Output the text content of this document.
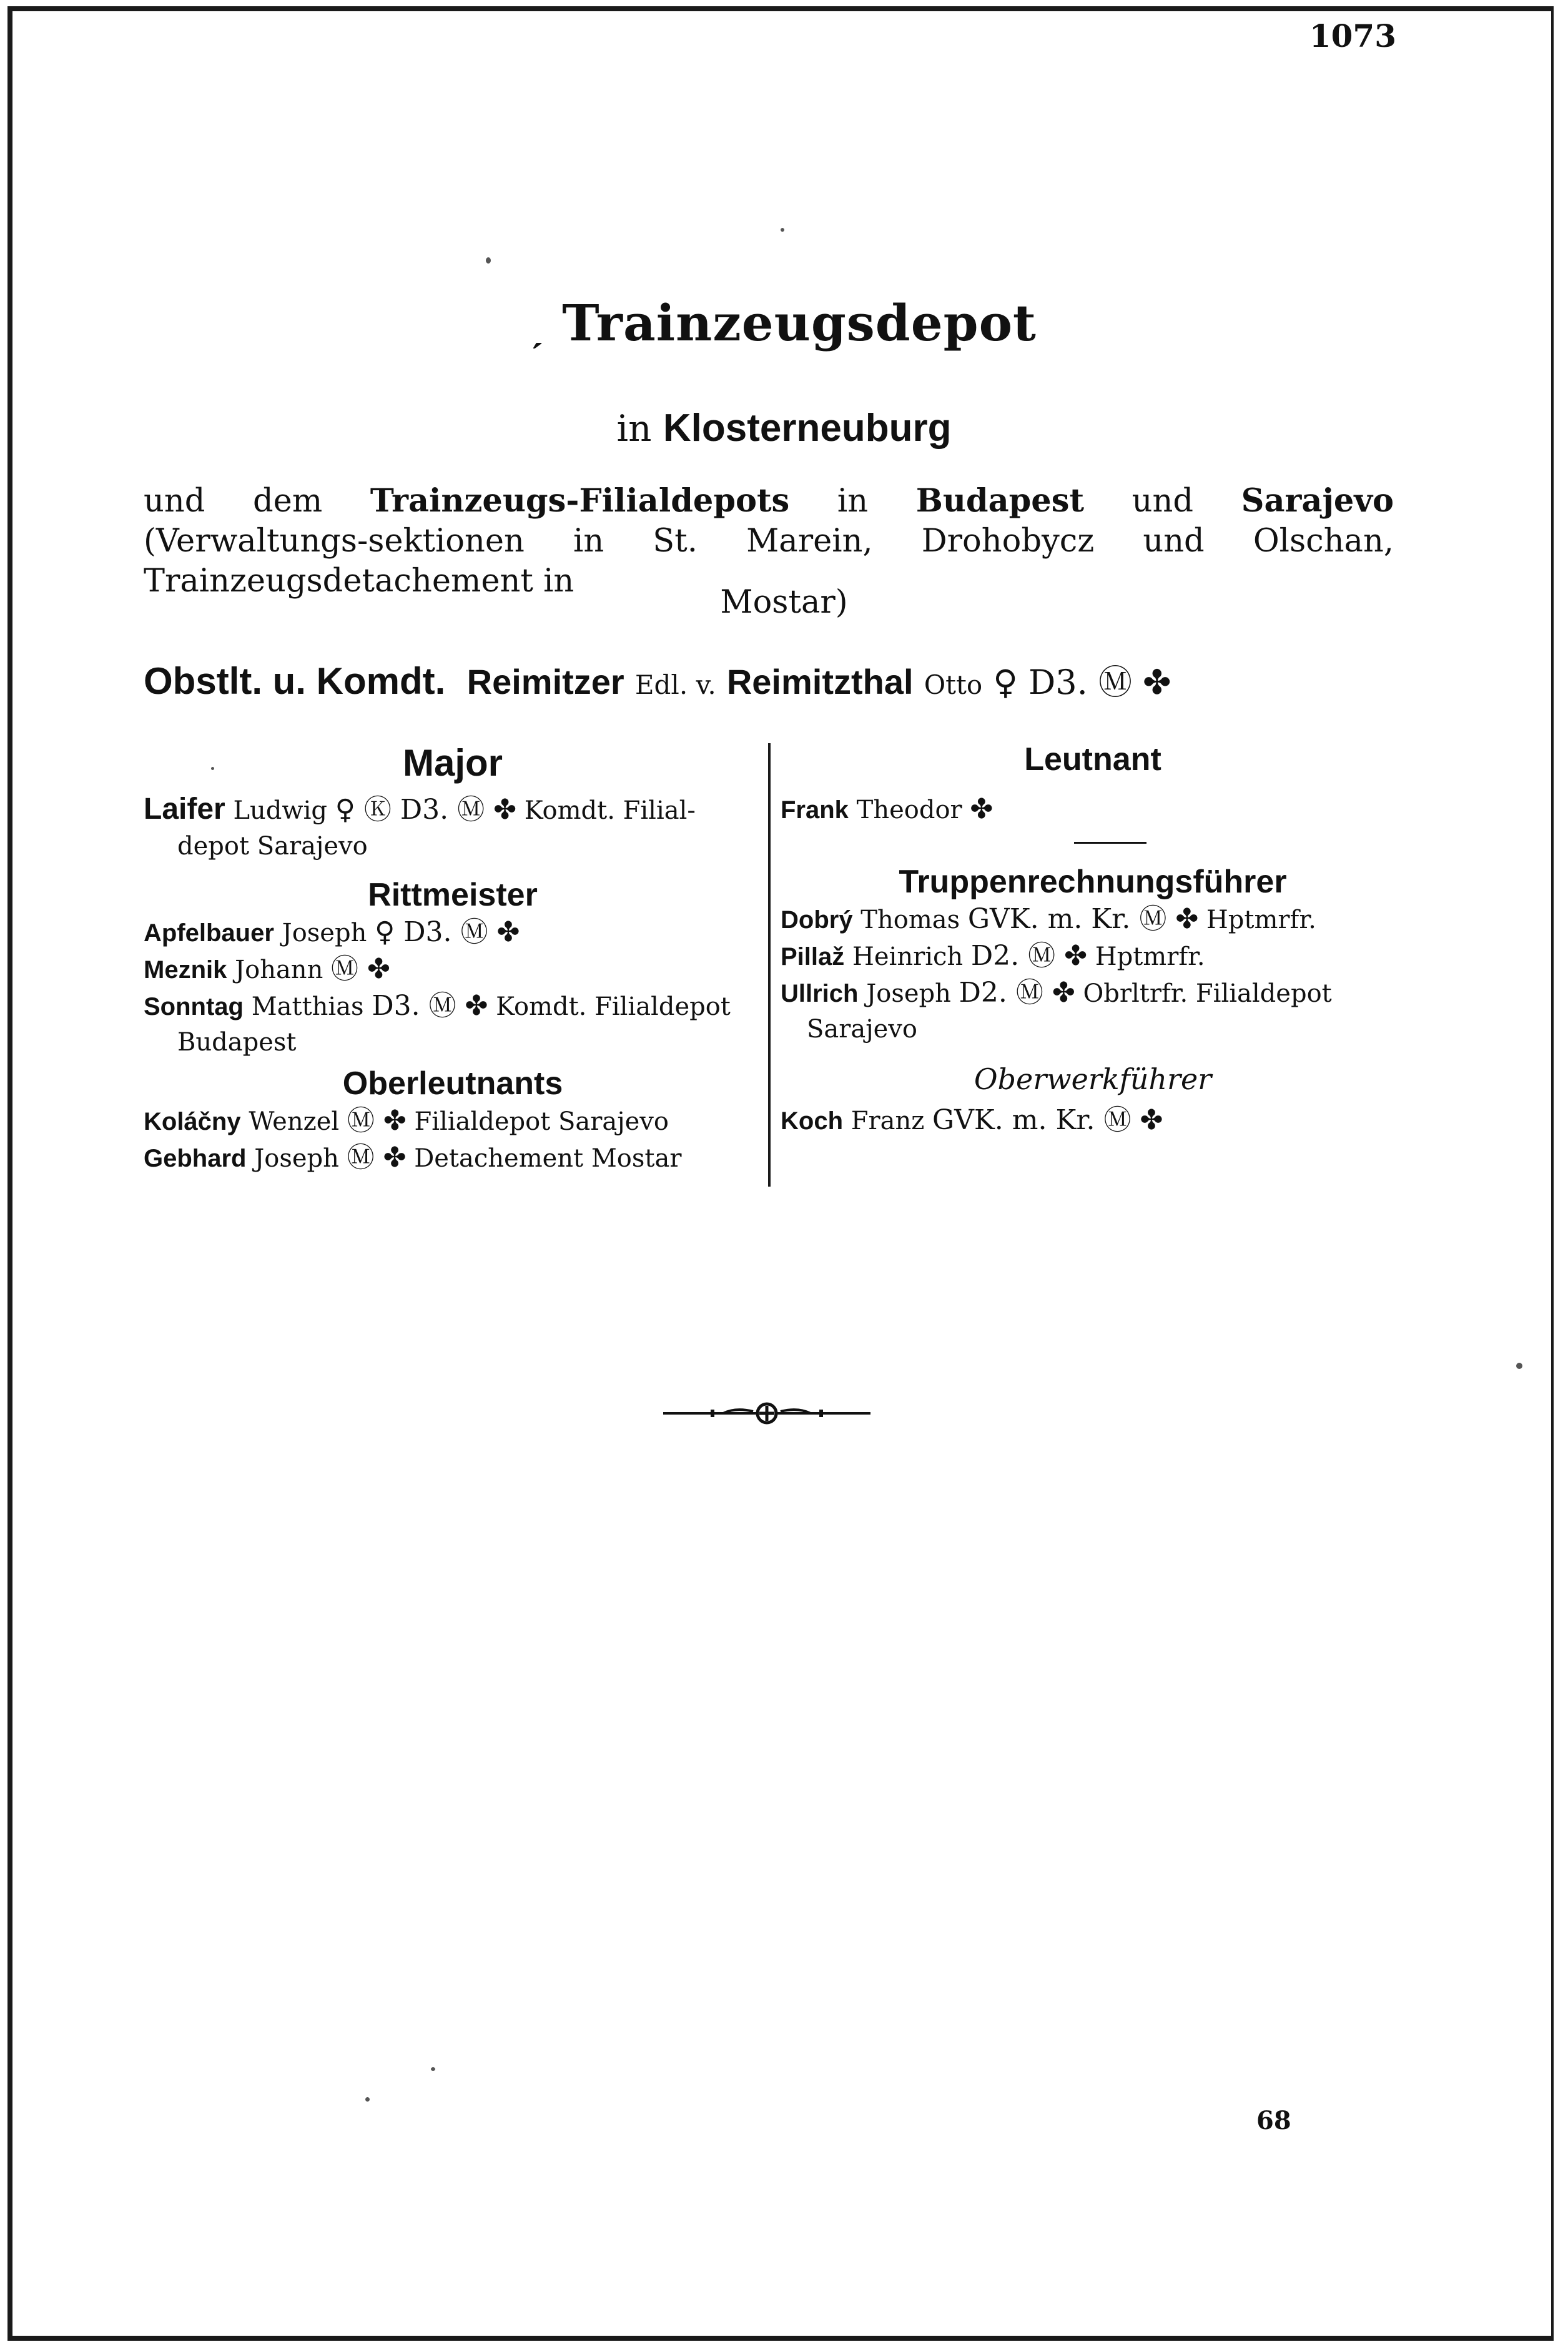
1073
ˏ Trainzeugsdepot
in Klosterneuburg
und dem Trainzeugs-Filialdepots in Budapest und Sarajevo (Verwaltungs-sektionen in St. Marein, Drohobycz und Olschan, Trainzeugsdetachement in
Mostar)
Obstlt. u. Komdt. Reimitzer Edl. v. Reimitzthal Otto ♀ D3. Ⓜ ✤
Major
Laifer Ludwig ♀ Ⓚ D3. Ⓜ ✤ Komdt. Filial-
depot Sarajevo
Rittmeister
Apfelbauer Joseph ♀ D3. Ⓜ ✤
Meznik Johann Ⓜ ✤
Sonntag Matthias D3. Ⓜ ✤ Komdt. Filialdepot
Budapest
Oberleutnants
Koláčny Wenzel Ⓜ ✤ Filialdepot Sarajevo
Gebhard Joseph Ⓜ ✤ Detachement Mostar
Leutnant
Frank Theodor ✤
Truppenrechnungsführer
Dobrý Thomas GVK. m. Kr. Ⓜ ✤ Hptmrfr.
Pillaž Heinrich D2. Ⓜ ✤ Hptmrfr.
Ullrich Joseph D2. Ⓜ ✤ Obrltrfr. Filialdepot
Sarajevo
Oberwerkführer
Koch Franz GVK. m. Kr. Ⓜ ✤
68
